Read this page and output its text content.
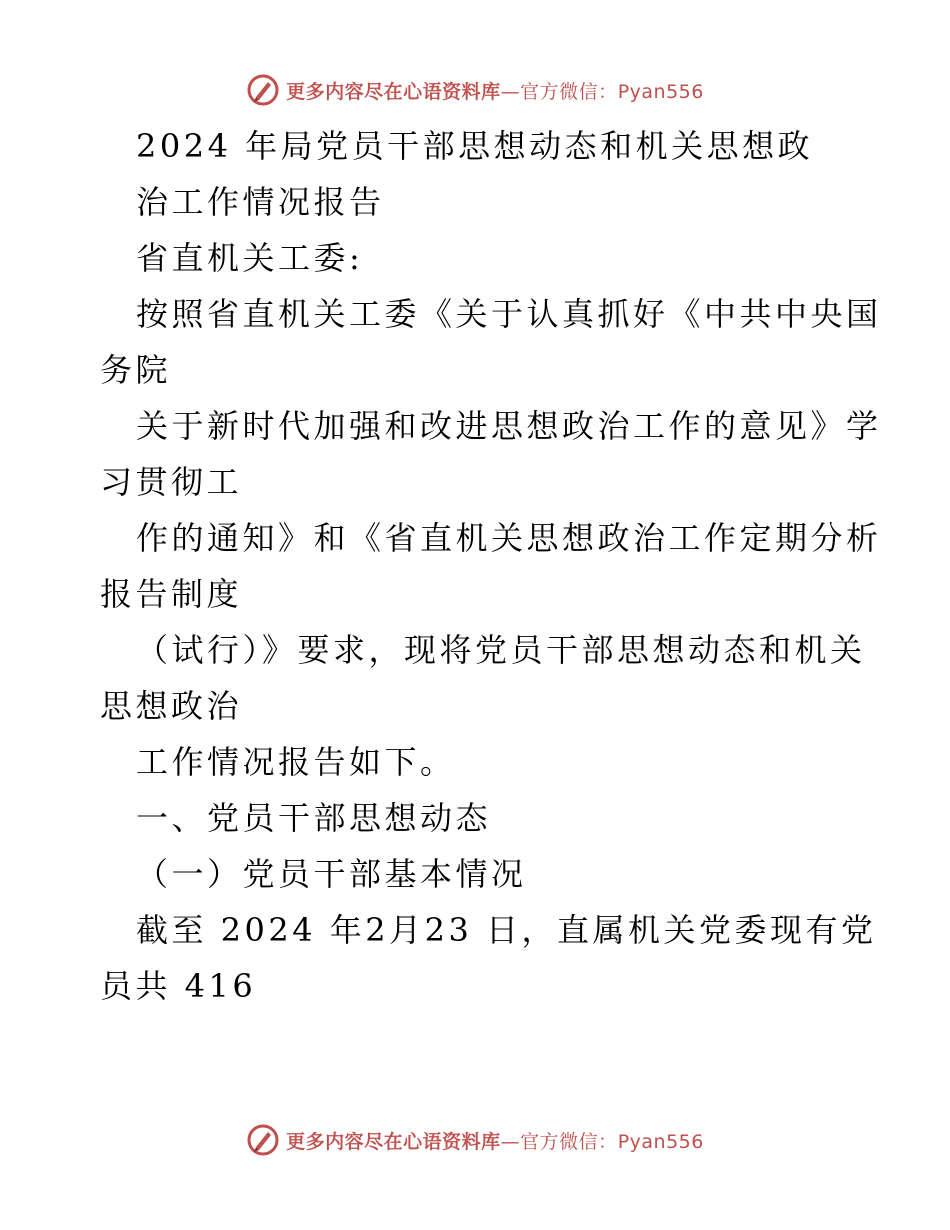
更多内容尽在心语资料库—官方微信：Pyan556
2024 年局党员干部思想动态和机关思想政
治工作情况报告
省直机关工委:
按照省直机关工委《关于认真抓好《中共中央国
务院
关于新时代加强和改进思想政治工作的意见》学
习贯彻工
作的通知》和《省直机关思想政治工作定期分析
报告制度
（试行）》要求，现将党员干部思想动态和机关
思想政治
工作情况报告如下。
一、党员干部思想动态
（一）党员干部基本情况
截至 2024 年2月23 日，直属机关党委现有党
员共 416
更多内容尽在心语资料库—官方微信：Pyan556
